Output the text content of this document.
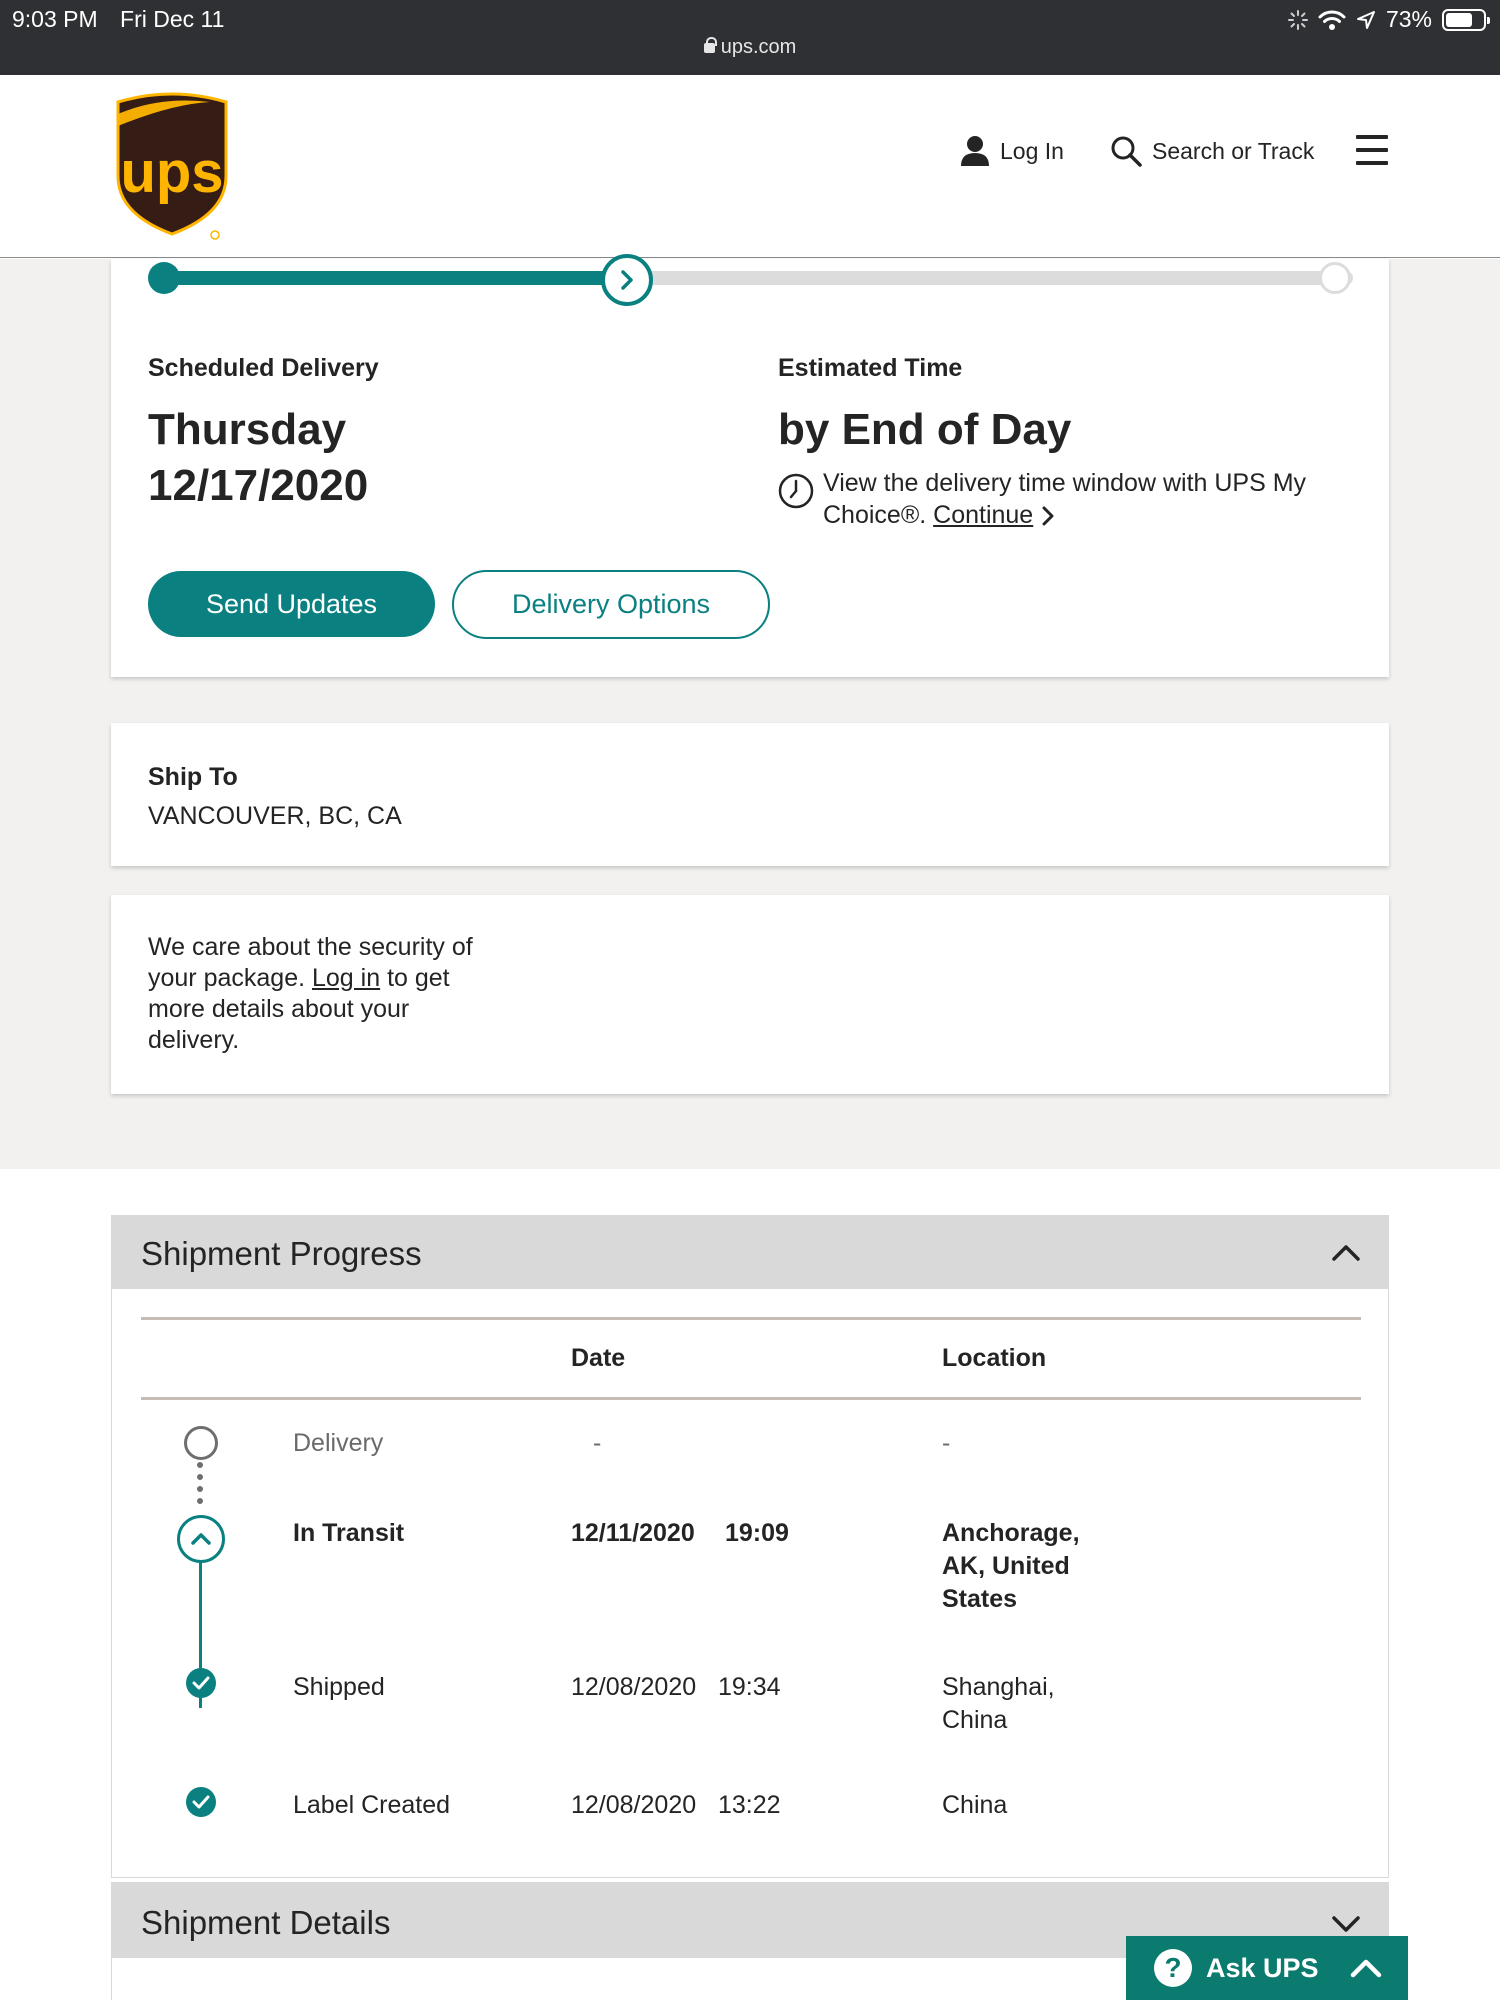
9:03 PM Fri Dec 11
ups.com
73%
ups	Log In	Search or Track
Scheduled Delivery
Thursday
12/17/2020
Estimated Time
by End of Day
View the delivery time window with UPS My Choice®. Continue
Send Updates	Delivery Options
Ship To
VANCOUVER, BC, CA
We care about the security of your package. Log in to get more details about your delivery.
Shipment Progress
Date	Location
Delivery	-	-
In Transit	12/11/2020 19:09	Anchorage, AK, United States
Shipped	12/08/2020 19:34	Shanghai, China
Label Created	12/08/2020 13:22	China
Shipment Details
? Ask UPS
